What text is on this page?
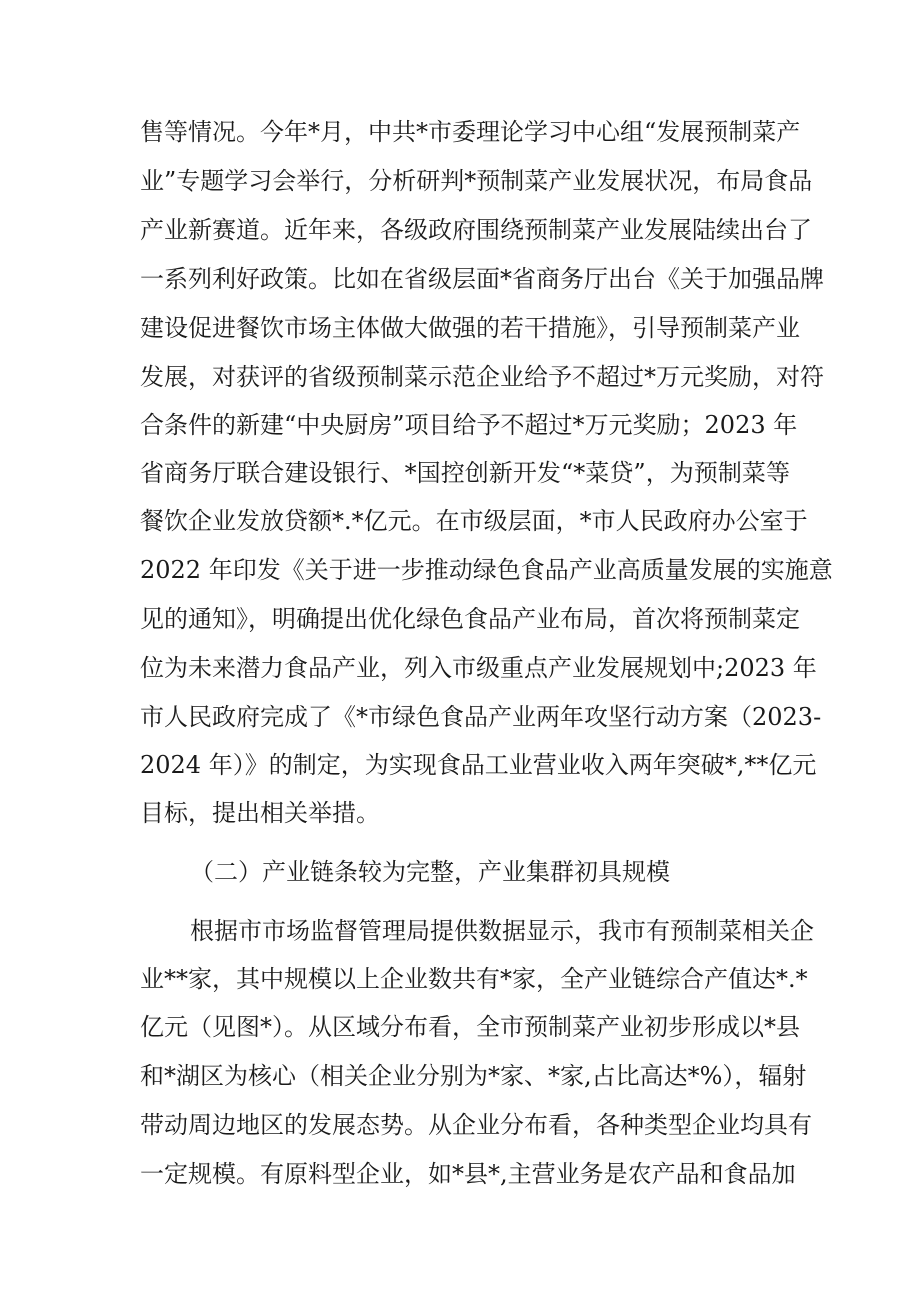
售等情况。今年*月，中共*市委理论学习中心组“发展预制菜产
业”专题学习会举行，分析研判*预制菜产业发展状况，布局食品
产业新赛道。近年来，各级政府围绕预制菜产业发展陆续出台了
一系列利好政策。比如在省级层面*省商务厅出台《关于加强品牌
建设促进餐饮市场主体做大做强的若干措施》，引导预制菜产业
发展，对获评的省级预制菜示范企业给予不超过*万元奖励，对符
合条件的新建“中央厨房”项目给予不超过*万元奖励；2023 年
省商务厅联合建设银行、*国控创新开发“*菜贷”，为预制菜等
餐饮企业发放贷额*.*亿元。在市级层面，*市人民政府办公室于
2022 年印发《关于进一步推动绿色食品产业高质量发展的实施意
见的通知》，明确提出优化绿色食品产业布局，首次将预制菜定
位为未来潜力食品产业，列入市级重点产业发展规划中;2023 年
市人民政府完成了《*市绿色食品产业两年攻坚行动方案（2023-
2024 年）》的制定，为实现食品工业营业收入两年突破*,**亿元
目标，提出相关举措。
（二）产业链条较为完整，产业集群初具规模
根据市市场监督管理局提供数据显示，我市有预制菜相关企
业**家，其中规模以上企业数共有*家，全产业链综合产值达*.*
亿元（见图*）。从区域分布看，全市预制菜产业初步形成以*县
和*湖区为核心（相关企业分别为*家、*家,占比高达*%），辐射
带动周边地区的发展态势。从企业分布看，各种类型企业均具有
一定规模。有原料型企业，如*县*,主营业务是农产品和食品加
